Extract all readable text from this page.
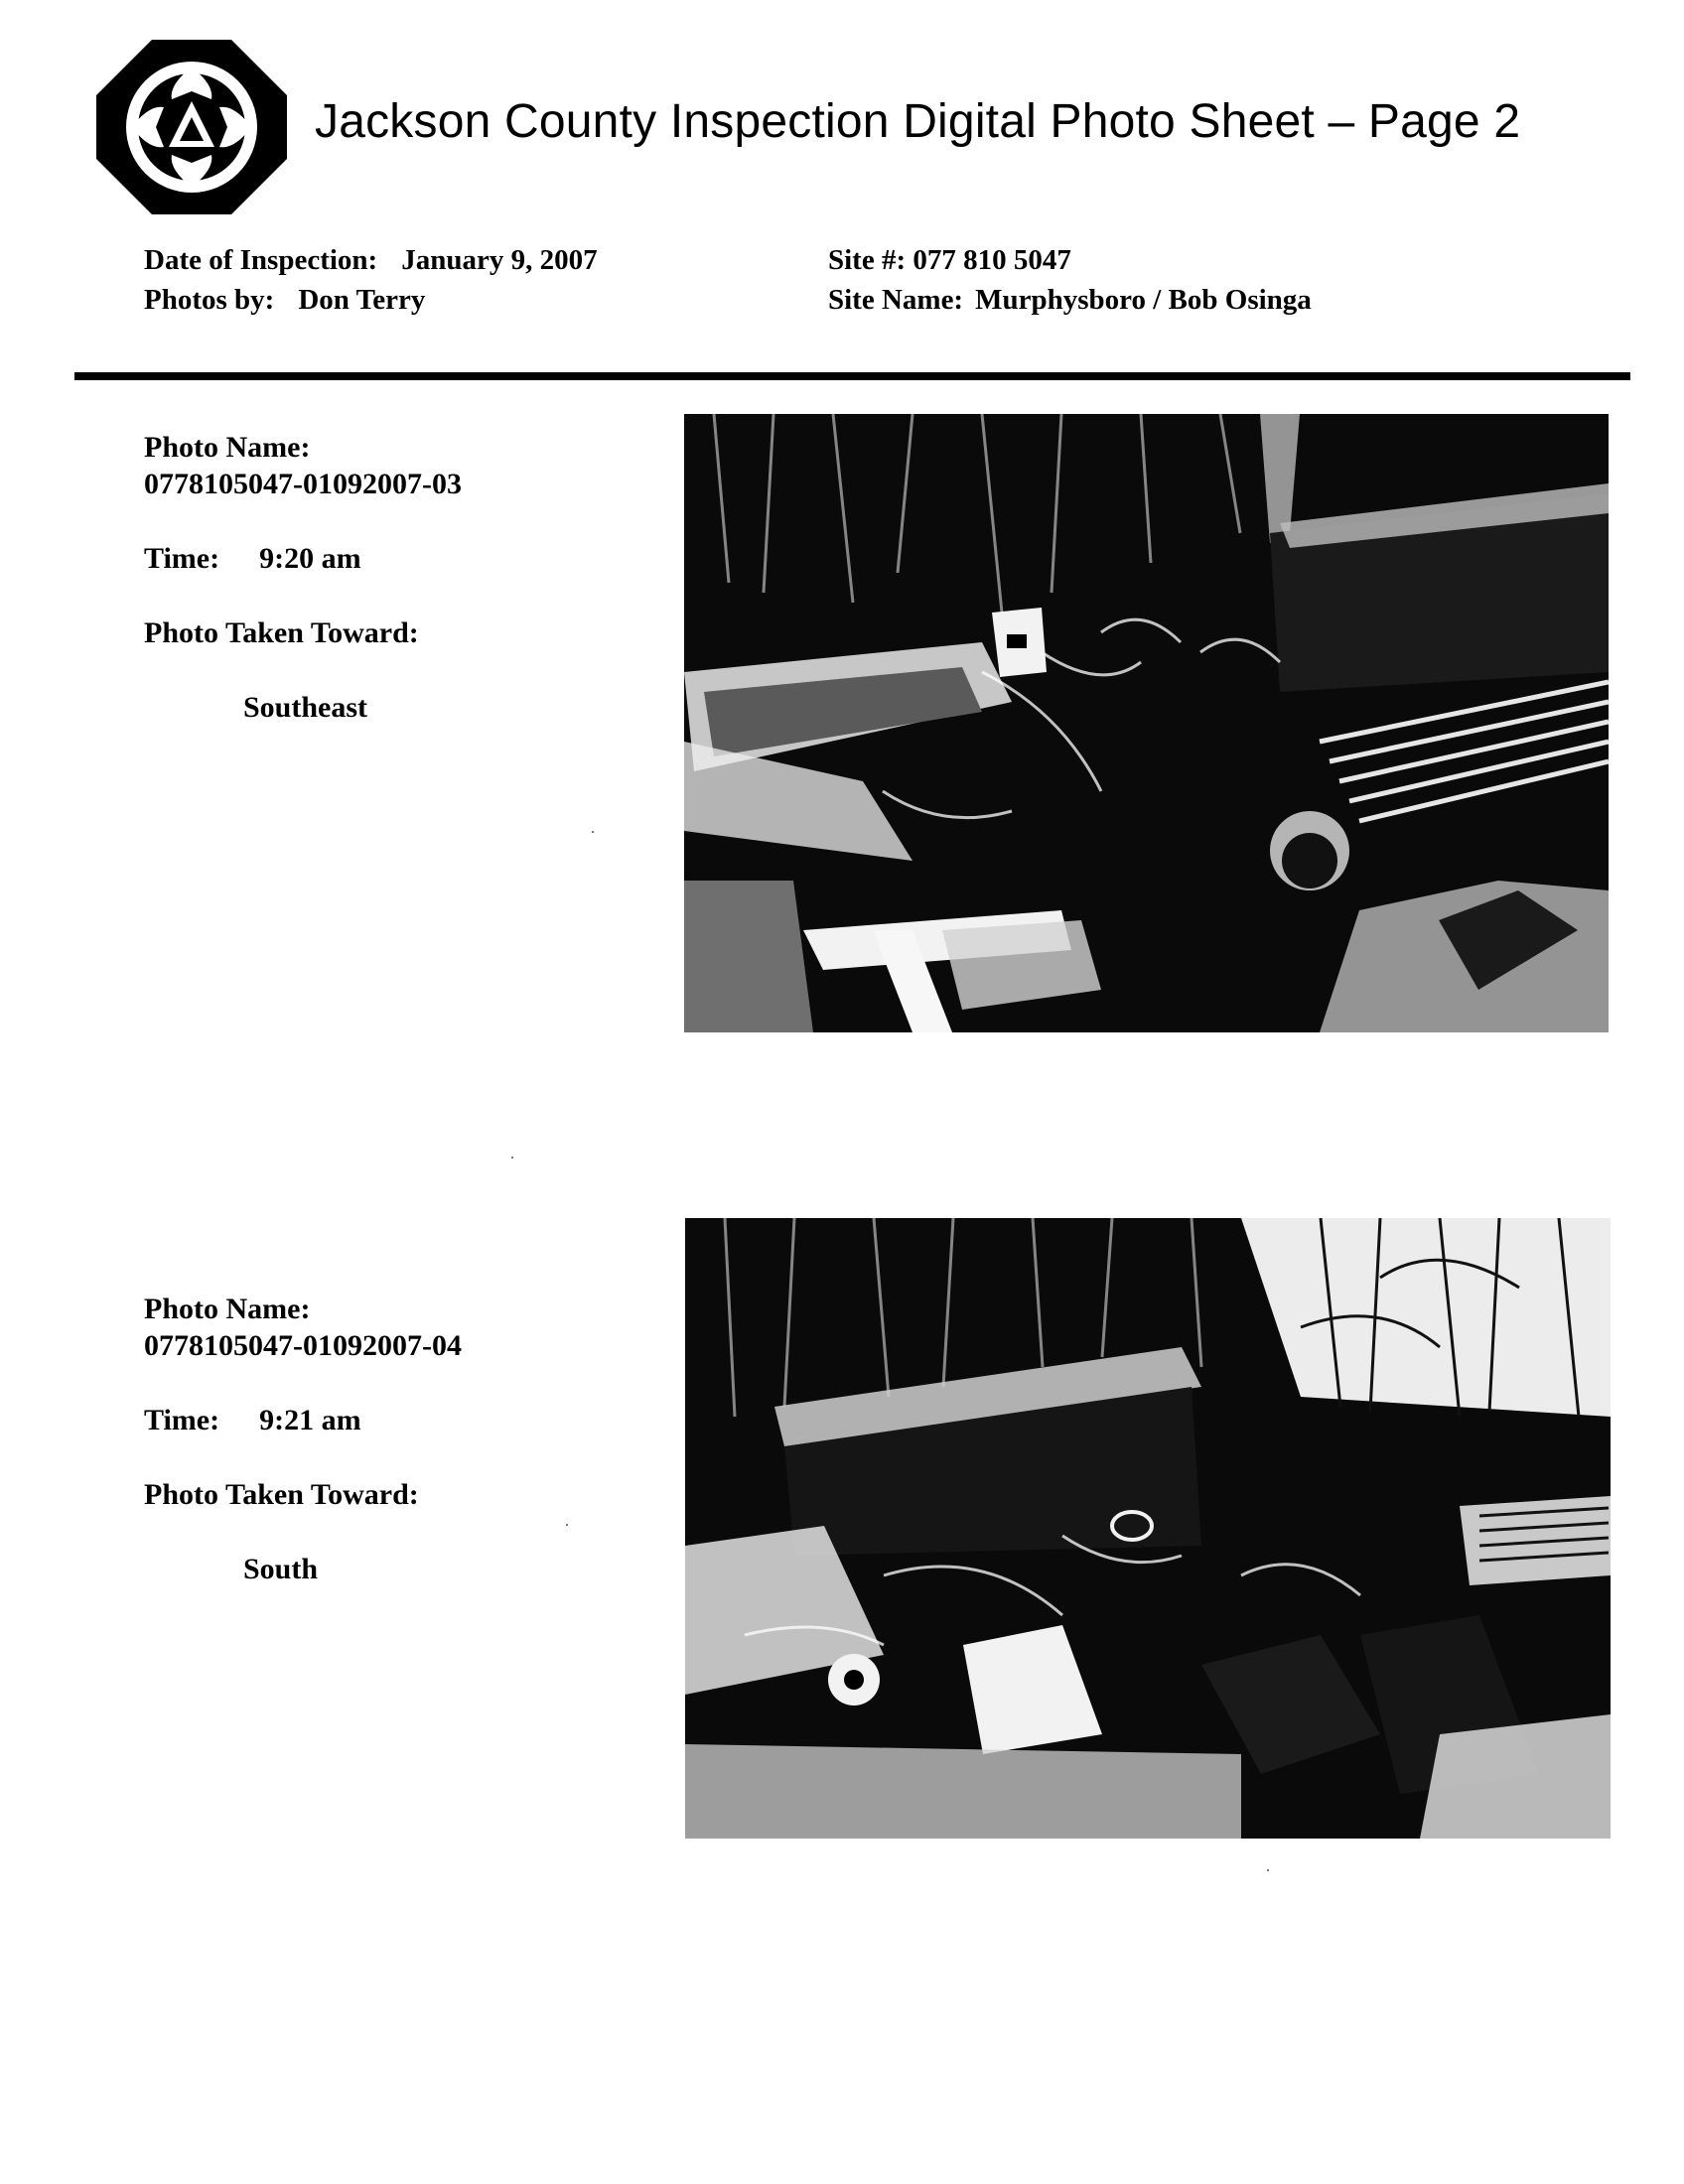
Jackson County Inspection Digital Photo Sheet – Page 2
Date of Inspection: January 9, 2007
Photos by: Don Terry
Site #: 077 810 5047
Site Name: Murphysboro / Bob Osinga
Photo Name:
0778105047-01092007-03
Time: 9:20 am
Photo Taken Toward:
Southeast
Photo Name:
0778105047-01092007-04
Time: 9:21 am
Photo Taken Toward:
South
